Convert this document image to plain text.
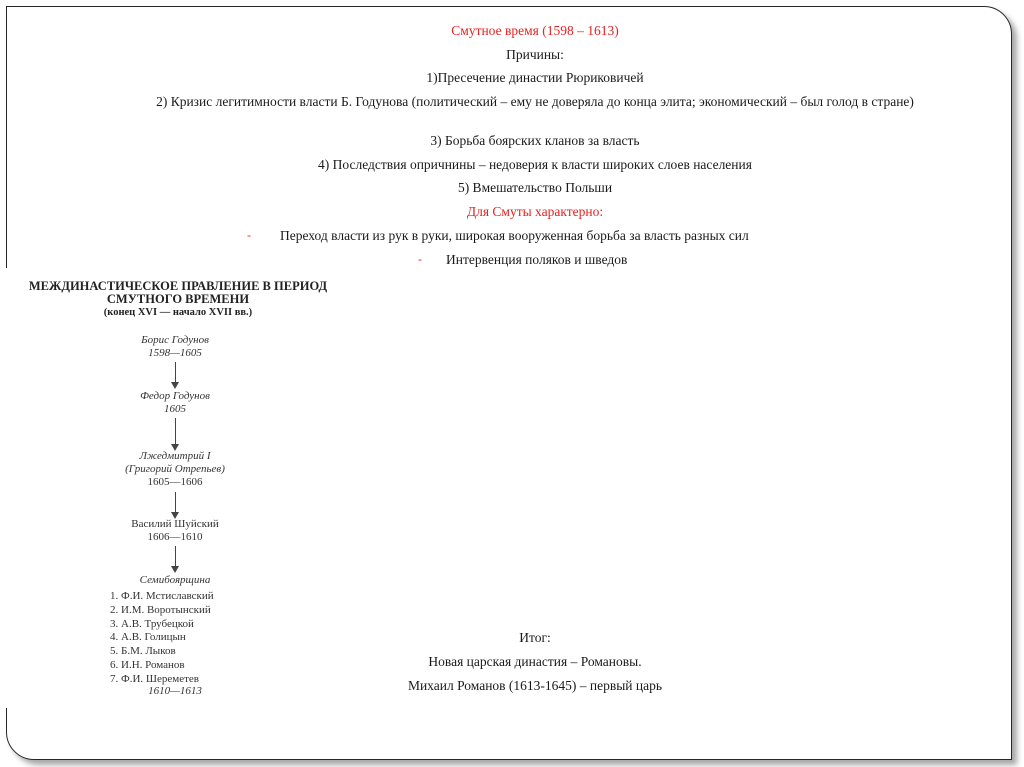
Смутное время (1598 – 1613)
Причины:
1)Пресечение династии Рюриковичей
2) Кризис легитимности власти Б. Годунова (политический – ему не доверяла до конца элита; экономический – был голод в стране)
3) Борьба боярских кланов за власть
4) Последствия опричнины – недоверия к власти широких слоев населения
5) Вмешательство Польши
Для Смуты характерно:
- Переход власти из рук в руки, широкая вооруженная борьба за власть разных сил
- Интервенция поляков и шведов
Итог:
Новая царская династия – Романовы.
Михаил Романов (1613-1645) – первый царь
МЕЖДИНАСТИЧЕСКОЕ ПРАВЛЕНИЕ В ПЕРИОД
СМУТНОГО ВРЕМЕНИ
(конец XVI — начало XVII вв.)
Борис Годунов
1598—1605
Федор Годунов
1605
Лжедмитрий I
(Григорий Отрепьев)
1605—1606
Василий Шуйский
1606—1610
Семибоярщина
1. Ф.И. Мстиславский
2. И.М. Воротынский
3. А.В. Трубецкой
4. А.В. Голицын
5. Б.М. Лыков
6. И.Н. Романов
7. Ф.И. Шереметев
1610—1613
